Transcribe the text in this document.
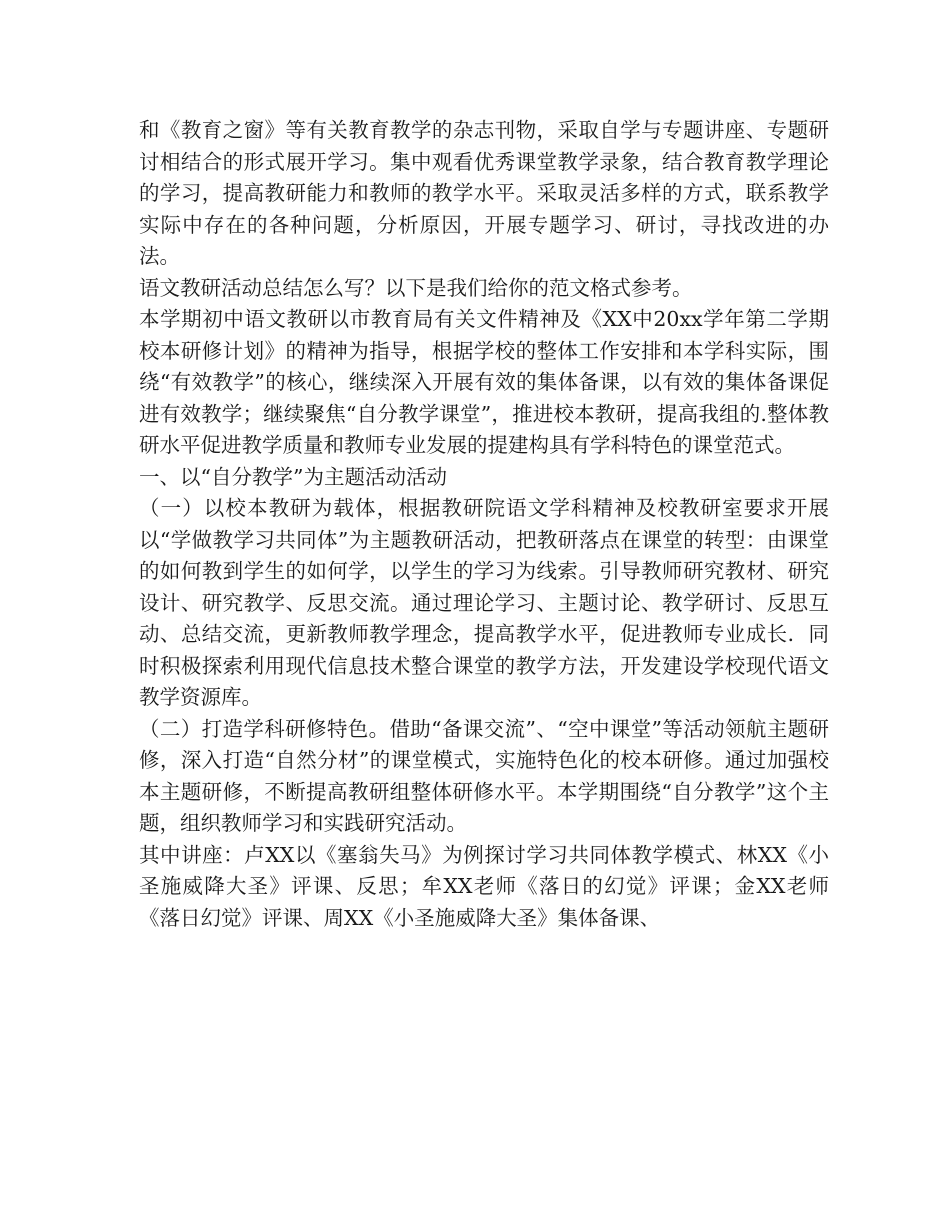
和《教育之窗》等有关教育教学的杂志刊物，采取自学与专题讲座、专题研讨相结合的形式展开学习。集中观看优秀课堂教学录象，结合教育教学理论的学习，提高教研能力和教师的教学水平。采取灵活多样的方式，联系教学实际中存在的各种问题，分析原因，开展专题学习、研讨，寻找改进的办法。

语文教研活动总结怎么写？以下是我们给你的范文格式参考。

本学期初中语文教研以市教育局有关文件精神及《XX中20xx学年第二学期校本研修计划》的精神为指导，根据学校的整体工作安排和本学科实际，围绕“有效教学”的核心，继续深入开展有效的集体备课，以有效的集体备课促进有效教学；继续聚焦“自分教学课堂”，推进校本教研，提高我组的.整体教研水平促进教学质量和教师专业发展的提建构具有学科特色的课堂范式。

一、以“自分教学”为主题活动活动

（一）以校本教研为载体，根据教研院语文学科精神及校教研室要求开展以“学做教学习共同体”为主题教研活动，把教研落点在课堂的转型：由课堂的如何教到学生的如何学，以学生的学习为线索。引导教师研究教材、研究设计、研究教学、反思交流。通过理论学习、主题讨论、教学研讨、反思互动、总结交流，更新教师教学理念，提高教学水平，促进教师专业成长．同时积极探索利用现代信息技术整合课堂的教学方法，开发建设学校现代语文教学资源库。

（二）打造学科研修特色。借助“备课交流”、“空中课堂”等活动领航主题研修，深入打造“自然分材”的课堂模式，实施特色化的校本研修。通过加强校本主题研修，不断提高教研组整体研修水平。本学期围绕“自分教学”这个主题，组织教师学习和实践研究活动。

其中讲座：卢XX以《塞翁失马》为例探讨学习共同体教学模式、林XX《小圣施威降大圣》评课、反思；牟XX老师《落日的幻觉》评课；金XX老师《落日幻觉》评课、周XX《小圣施威降大圣》集体备课、
